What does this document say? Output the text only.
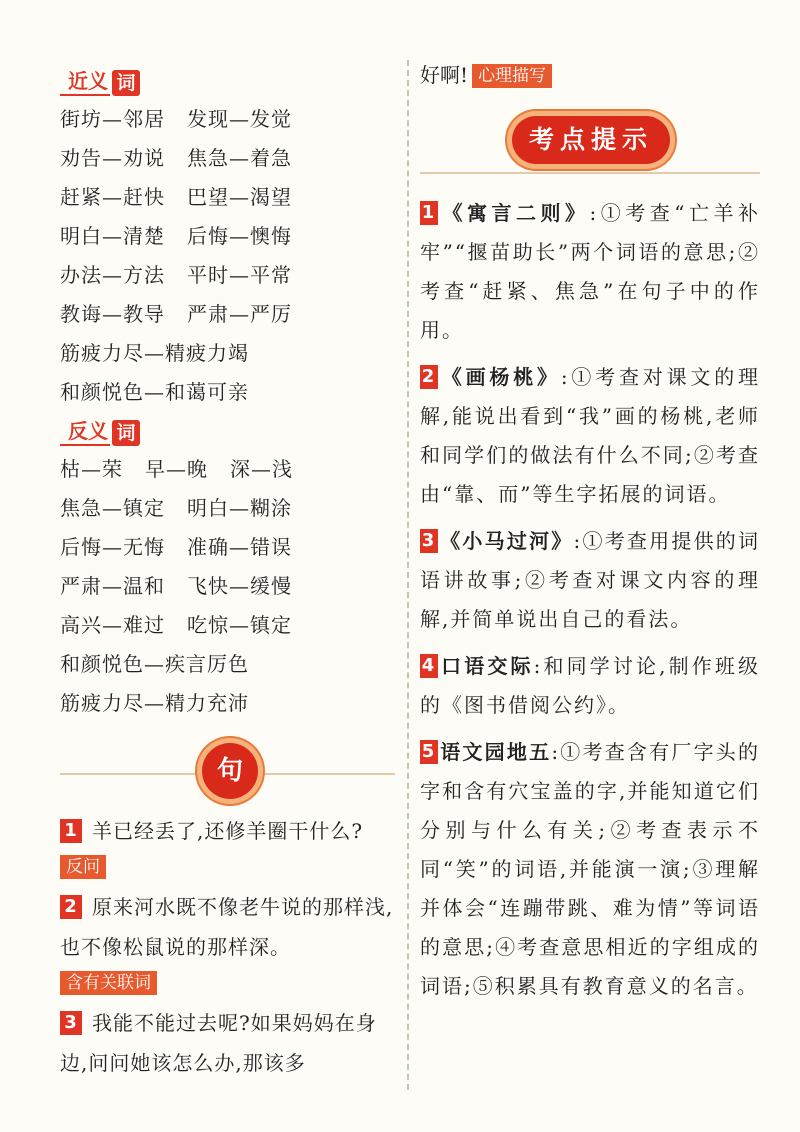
近义 词
街坊—邻居 发现—发觉
劝告—劝说 焦急—着急
赶紧—赶快 巴望—渴望
明白—清楚 后悔—懊悔
办法—方法 平时—平常
教诲—教导 严肃—严厉
筋疲力尽—精疲力竭
和颜悦色—和蔼可亲
反义 词
枯—荣 早—晚 深—浅
焦急—镇定 明白—糊涂
后悔—无悔 准确—错误
严肃—温和 飞快—缓慢
高兴—难过 吃惊—镇定
和颜悦色—疾言厉色
筋疲力尽—精力充沛
句

1 羊已经丢了,还修羊圈干什么?

反问

2 原来河水既不像老牛说的那样浅,也不像松鼠说的那样深。

含有关联词

3 我能不能过去呢?如果妈妈在身边,问问她该怎么办,那该多

好啊! 心理描写
考点提示

1 《寓言二则》:①考查“亡羊补牢”“揠苗助长”两个词语的意思;②考查“赶紧、焦急”在句子中的作用。

2 《画杨桃》:①考查对课文的理解,能说出看到“我”画的杨桃,老师和同学们的做法有什么不同;②考查由“靠、而”等生字拓展的词语。

3 《小马过河》:①考查用提供的词语讲故事;②考查对课文内容的理解,并简单说出自己的看法。

4 口语交际:和同学讨论,制作班级的《图书借阅公约》。

5 语文园地五:①考查含有厂字头的字和含有穴宝盖的字,并能知道它们分别与什么有关;②考查表示不同“笑”的词语,并能演一演;③理解并体会“连蹦带跳、难为情”等词语的意思;④考查意思相近的字组成的词语;⑤积累具有教育意义的名言。
